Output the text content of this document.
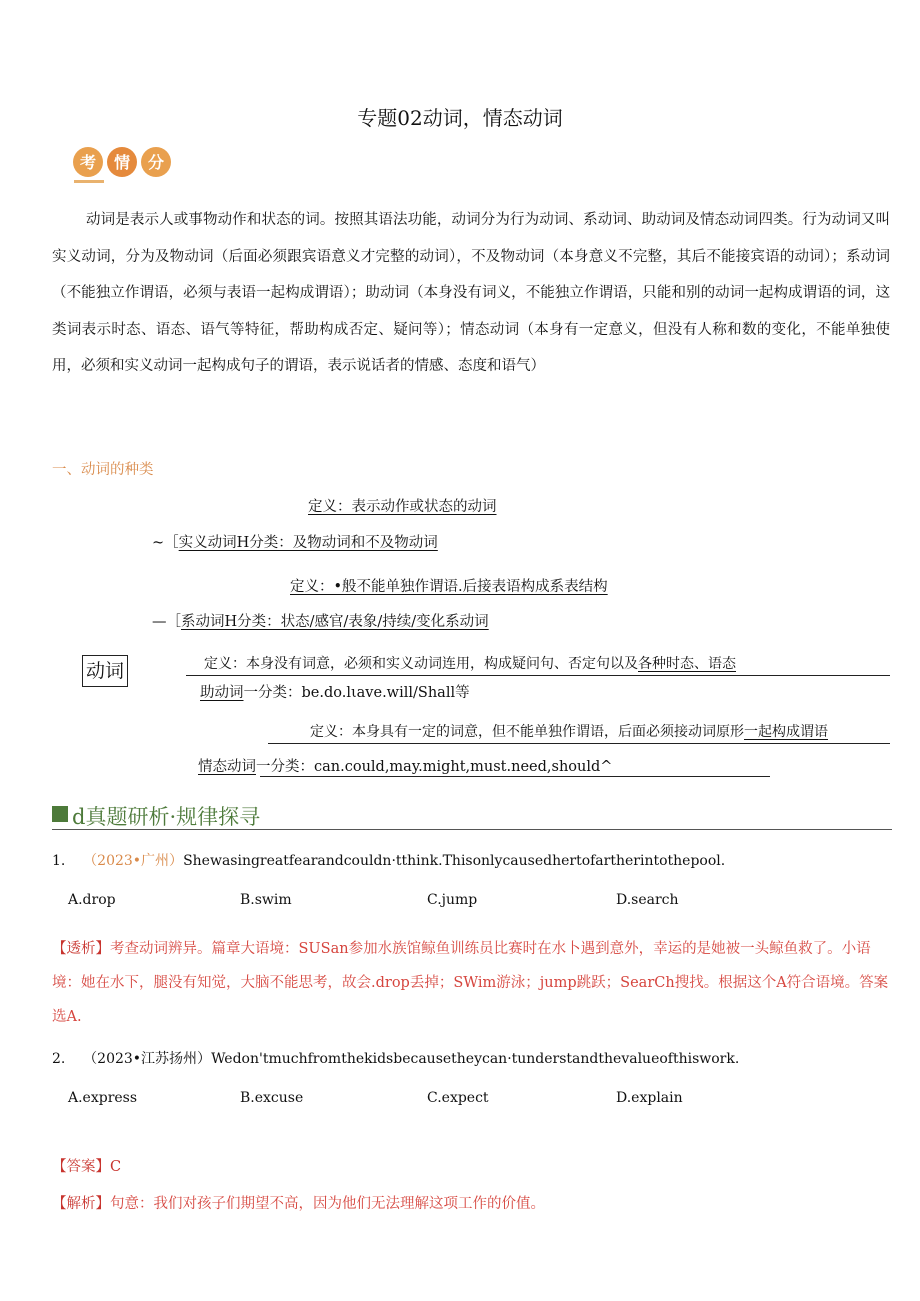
专题02动词，情态动词
考 情 分
动词是表示人或事物动作和状态的词。按照其语法功能，动词分为行为动词、系动词、助动词及情态动词四类。行为动词又叫实义动词，分为及物动词（后面必须跟宾语意义才完整的动词），不及物动词（本身意义不完整，其后不能接宾语的动词）；系动词（不能独立作谓语，必须与表语一起构成谓语）；助动词（本身没有词义，不能独立作谓语，只能和别的动词一起构成谓语的词，这类词表示时态、语态、语气等特征，帮助构成否定、疑问等）；情态动词（本身有一定意义，但没有人称和数的变化，不能单独使用，必须和实义动词一起构成句子的谓语，表示说话者的情感、态度和语气）
一、动词的种类
定义：表示动作或状态的动词
~［实义动词H分类：及物动词和不及物动词
定义：•般不能单独作谓语.后接表语构成系表结构
—［系动词H分类：状态/感官/表象/持续/变化系动词
动词	定义：本身没有词意，必须和实义动词连用，构成疑问句、否定句以及各种时态、语态
助动词一分类：be.do.lιave.will/Shall等
定义：本身具有一定的词意，但不能单独作谓语，后面必须接动词原形一起构成谓语
情态动词一分类：can.could,may.might,must.need,should^
d真题研析·规律探寻
1. （2023•广州）Shewasingreatfearandcouldn·tthink.Thisonlycausedhertofartherintothepool.
A.drop	B.swim	C.jump	D.search
【透析】考查动词辨异。篇章大语境：SUSan参加水族馆鲸鱼训练员比赛时在水卜遇到意外，幸运的是她被一头鲸鱼救了。小语境：她在水下，腿没有知觉，大脑不能思考，故会.drop丢掉；SWim游泳；jump跳跃；SearCh搜找。根据这个A符合语境。答案选A.
2. （2023•江苏扬州）Wedon'tmuchfromthekidsbecausetheycan·tunderstandthevalueofthiswork.
A.express	B.excuse	C.expect	D.explain
【答案】C
【解析】句意：我们对孩子们期望不高，因为他们无法理解这项工作的价值。
